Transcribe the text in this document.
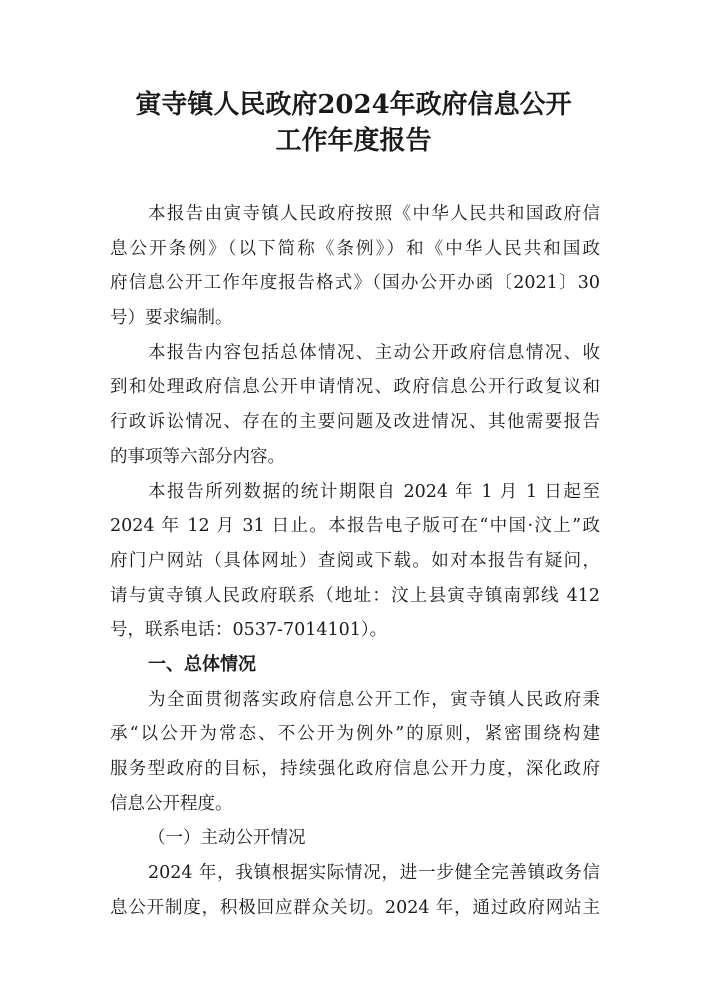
寅寺镇人民政府2024年政府信息公开
工作年度报告
本报告由寅寺镇人民政府按照《中华人民共和国政府信
息公开条例》（以下简称《条例》）和《中华人民共和国政
府信息公开工作年度报告格式》（国办公开办函〔2021〕30
号）要求编制。
本报告内容包括总体情况、主动公开政府信息情况、收
到和处理政府信息公开申请情况、政府信息公开行政复议和
行政诉讼情况、存在的主要问题及改进情况、其他需要报告
的事项等六部分内容。
本报告所列数据的统计期限自 2024 年 1 月 1 日起至
2024 年 12 月 31 日止。本报告电子版可在“中国·汶上”政
府门户网站（具体网址）查阅或下载。如对本报告有疑问，
请与寅寺镇人民政府联系（地址：汶上县寅寺镇南郭线 412
号，联系电话：0537-7014101）。
一、总体情况
为全面贯彻落实政府信息公开工作，寅寺镇人民政府秉
承“以公开为常态、不公开为例外”的原则，紧密围绕构建
服务型政府的目标，持续强化政府信息公开力度，深化政府
信息公开程度。
（一）主动公开情况
2024 年，我镇根据实际情况，进一步健全完善镇政务信
息公开制度，积极回应群众关切。2024 年，通过政府网站主
